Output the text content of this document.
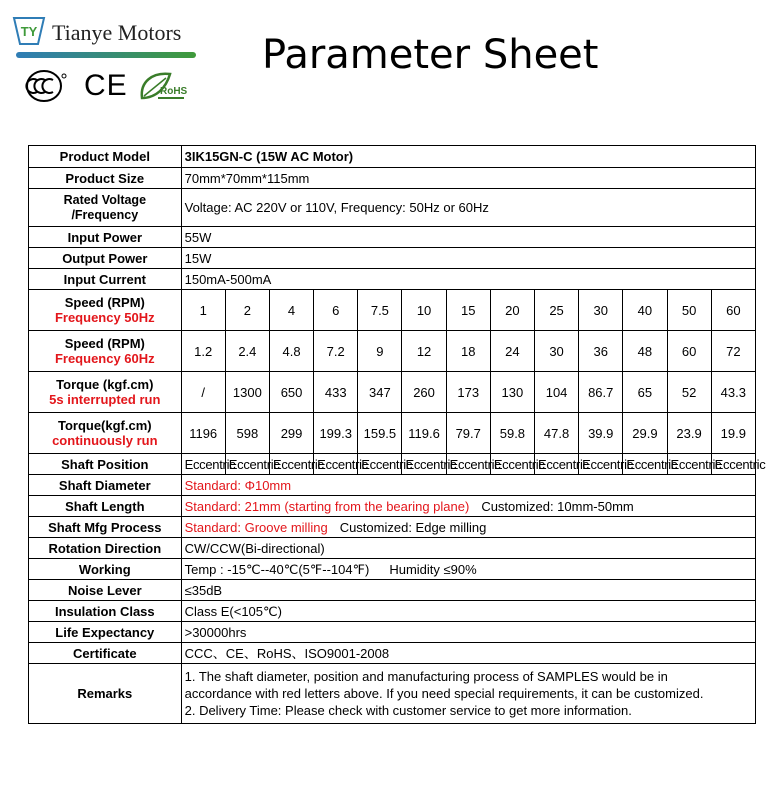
TY Tianye Motors
CE	RoHS
Parameter Sheet
Product Model	3IK15GN-C (15W AC Motor)												
Product Size	70mm*70mm*115mm												

Rated Voltage
/Frequency	Voltage: AC 220V or 110V, Frequency: 50Hz or 60Hz												
Input Power	55W												
Output Power	15W												
Input Current	150mA-500mA												

Speed (RPM)
Frequency 50Hz	1	2	4	6	7.5	10	15	20	25	30	40	50	60

Speed (RPM)
Frequency 60Hz	1.2	2.4	4.8	7.2	9	12	18	24	30	36	48	60	72

Torque (kgf.cm)
5s interrupted run	/	1300	650	433	347	260	173	130	104	86.7	65	52	43.3

Torque(kgf.cm)
continuously run	1196	598	299	199.3	159.5	119.6	79.7	59.8	47.8	39.9	29.9	23.9	19.9
Shaft Position	Eccentric	Eccentric	Eccentric	Eccentric	Eccentric	Eccentric	Eccentric	Eccentric	Eccentric	Eccentric	Eccentric	Eccentric	Eccentric
Shaft Diameter	Standard: Φ10mm												
Shaft Length	Standard: 21mm (starting from the bearing plane) Customized: 10mm-50mm												
Shaft Mfg Process	Standard: Groove milling Customized: Edge milling												
Rotation Direction	CW/CCW(Bi-directional)												
Working	Temp : -15℃--40℃(5℉--104℉) Humidity ≤90%												
Noise Lever	≤35dB												
Insulation Class	Class E(<105℃)												
Life Expectancy	>30000hrs												
Certificate	CCC、CE、RoHS、ISO9001-2008												
Remarks	1. The shaft diameter, position and manufacturing process of SAMPLES would be in
accordance with red letters above. If you need special requirements, it can be customized.
2. Delivery Time: Please check with customer service to get more information.												
